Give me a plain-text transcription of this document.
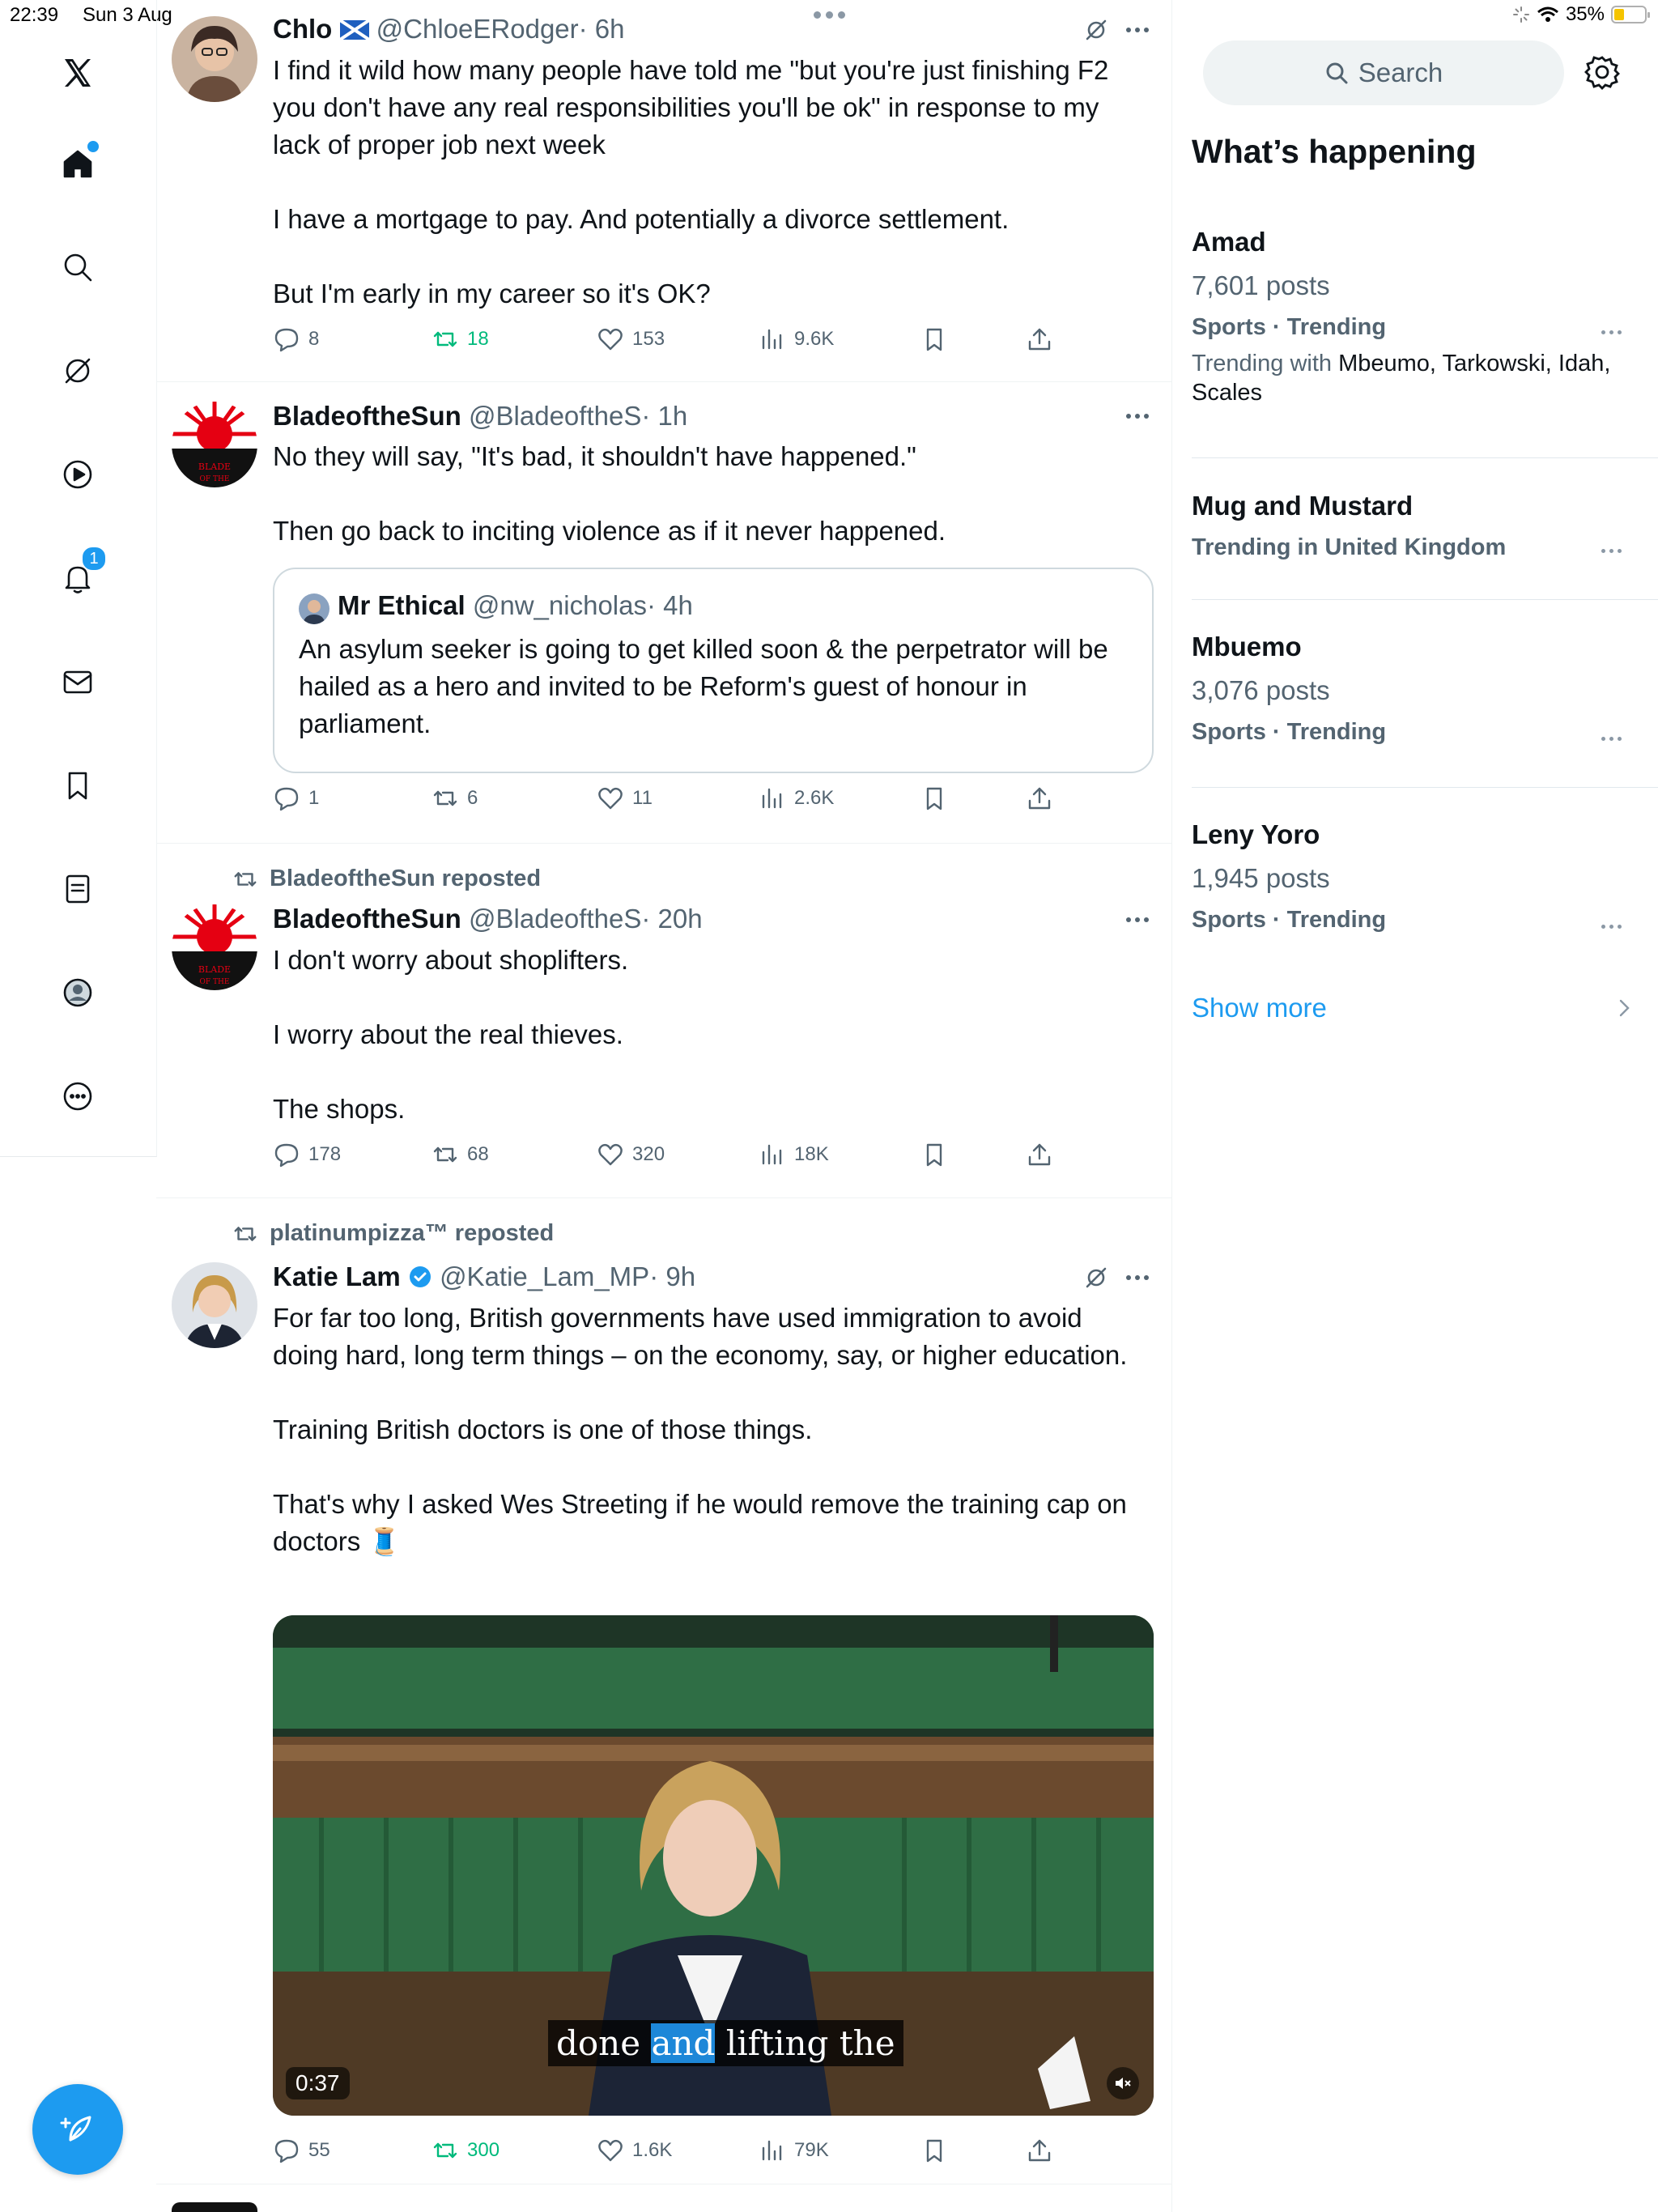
22:39 Sun 3 Aug	35%
1
Chlo @ChloeERodger· 6h
I find it wild how many people have told me "but you're just finishing F2 you don't have any real responsibilities you'll be ok" in response to my lack of proper job next week

I have a mortgage to pay. And potentially a divorce settlement.

But I'm early in my career so it's OK?
8	18	153	9.6K
BLADE
OF THE
BladeoftheSun @BladeoftheS· 1h
No they will say, "It's bad, it shouldn't have happened."

Then go back to inciting violence as if it never happened.
Mr Ethical @nw_nicholas· 4h
An asylum seeker is going to get killed soon & the perpetrator will be hailed as a hero and invited to be Reform's guest of honour in parliament.
1	6	11	2.6K
BladeoftheSun reposted
BLADE
OF THE
BladeoftheSun @BladeoftheS· 20h
I don't worry about shoplifters.

I worry about the real thieves.

The shops.
178	68	320	18K
platinumpizza™ reposted
Katie Lam @Katie_Lam_MP· 9h
For far too long, British governments have used immigration to avoid doing hard, long term things – on the economy, say, or higher education.

Training British doctors is one of those things.

That's why I asked Wes Streeting if he would remove the training cap on doctors 🧵
done and lifting the
0:37
55	300	1.6K	79K
Search
What’s happening
Amad
7,601 posts
Sports · Trending
Trending with Mbeumo, Tarkowski, Idah, Scales
Mug and Mustard
Trending in United Kingdom
Mbuemo
3,076 posts
Sports · Trending
Leny Yoro
1,945 posts
Sports · Trending
Show more
